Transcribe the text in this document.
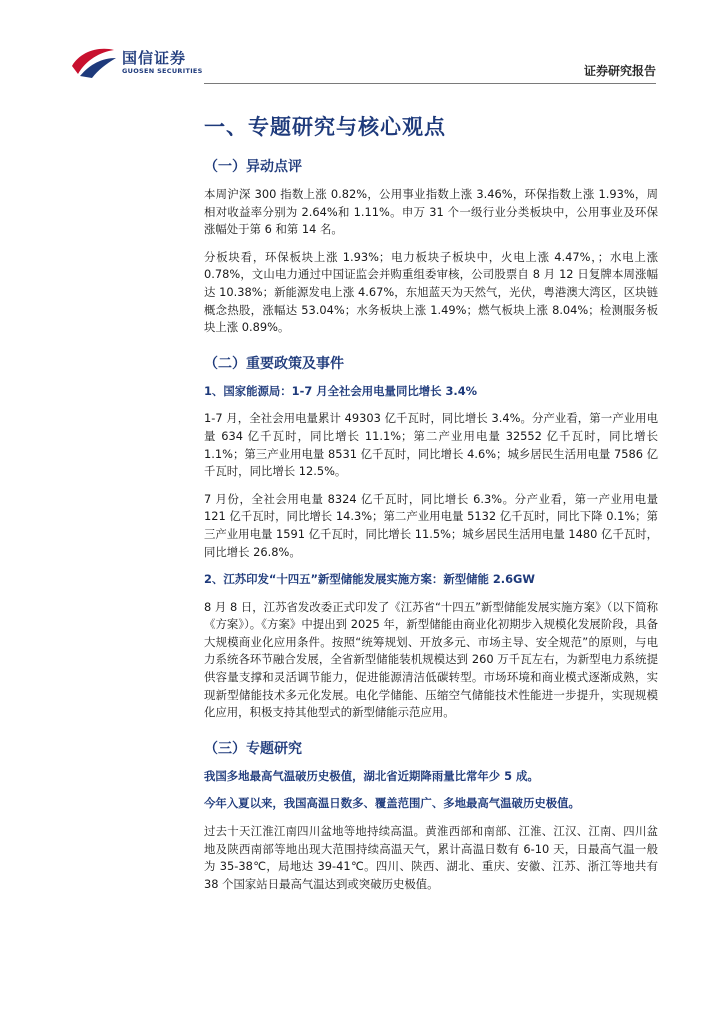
国信证券
GUOSEN SECURITIES	证券研究报告
一、专题研究与核心观点
（一）异动点评

本周沪深 300 指数上涨 0.82%，公用事业指数上涨 3.46%，环保指数上涨 1.93%，周相对收益率分别为 2.64%和 1.11%。申万 31 个一级行业分类板块中，公用事业及环保涨幅处于第 6 和第 14 名。

分板块看，环保板块上涨 1.93%；电力板块子板块中，火电上涨 4.47%，；水电上涨 0.78%，文山电力通过中国证监会并购重组委审核，公司股票自 8 月 12 日复牌本周涨幅达 10.38%；新能源发电上涨 4.67%，东旭蓝天为天然气，光伏，粤港澳大湾区，区块链概念热股，涨幅达 53.04%；水务板块上涨 1.49%；燃气板块上涨 8.04%；检测服务板块上涨 0.89%。

（二）重要政策及事件

1、国家能源局：1-7 月全社会用电量同比增长 3.4%

1-7 月，全社会用电量累计 49303 亿千瓦时，同比增长 3.4%。分产业看，第一产业用电量 634 亿千瓦时，同比增长 11.1%；第二产业用电量 32552 亿千瓦时，同比增长 1.1%；第三产业用电量 8531 亿千瓦时，同比增长 4.6%；城乡居民生活用电量 7586 亿千瓦时，同比增长 12.5%。

7 月份，全社会用电量 8324 亿千瓦时，同比增长 6.3%。分产业看，第一产业用电量 121 亿千瓦时，同比增长 14.3%；第二产业用电量 5132 亿千瓦时，同比下降 0.1%；第三产业用电量 1591 亿千瓦时，同比增长 11.5%；城乡居民生活用电量 1480 亿千瓦时，同比增长 26.8%。

2、江苏印发“十四五”新型储能发展实施方案：新型储能 2.6GW

8 月 8 日，江苏省发改委正式印发了《江苏省“十四五”新型储能发展实施方案》（以下简称《方案》）。《方案》中提出到 2025 年，新型储能由商业化初期步入规模化发展阶段，具备大规模商业化应用条件。按照“统筹规划、开放多元、市场主导、安全规范”的原则，与电力系统各环节融合发展，全省新型储能装机规模达到 260 万千瓦左右，为新型电力系统提供容量支撑和灵活调节能力，促进能源清洁低碳转型。市场环境和商业模式逐渐成熟，实现新型储能技术多元化发展。电化学储能、压缩空气储能技术性能进一步提升，实现规模化应用，积极支持其他型式的新型储能示范应用。

（三）专题研究

我国多地最高气温破历史极值，湖北省近期降雨量比常年少 5 成。

今年入夏以来，我国高温日数多、覆盖范围广、多地最高气温破历史极值。

过去十天江淮江南四川盆地等地持续高温。黄淮西部和南部、江淮、江汉、江南、四川盆地及陕西南部等地出现大范围持续高温天气，累计高温日数有 6-10 天，日最高气温一般为 35-38℃，局地达 39-41℃。四川、陕西、湖北、重庆、安徽、江苏、浙江等地共有 38 个国家站日最高气温达到或突破历史极值。
